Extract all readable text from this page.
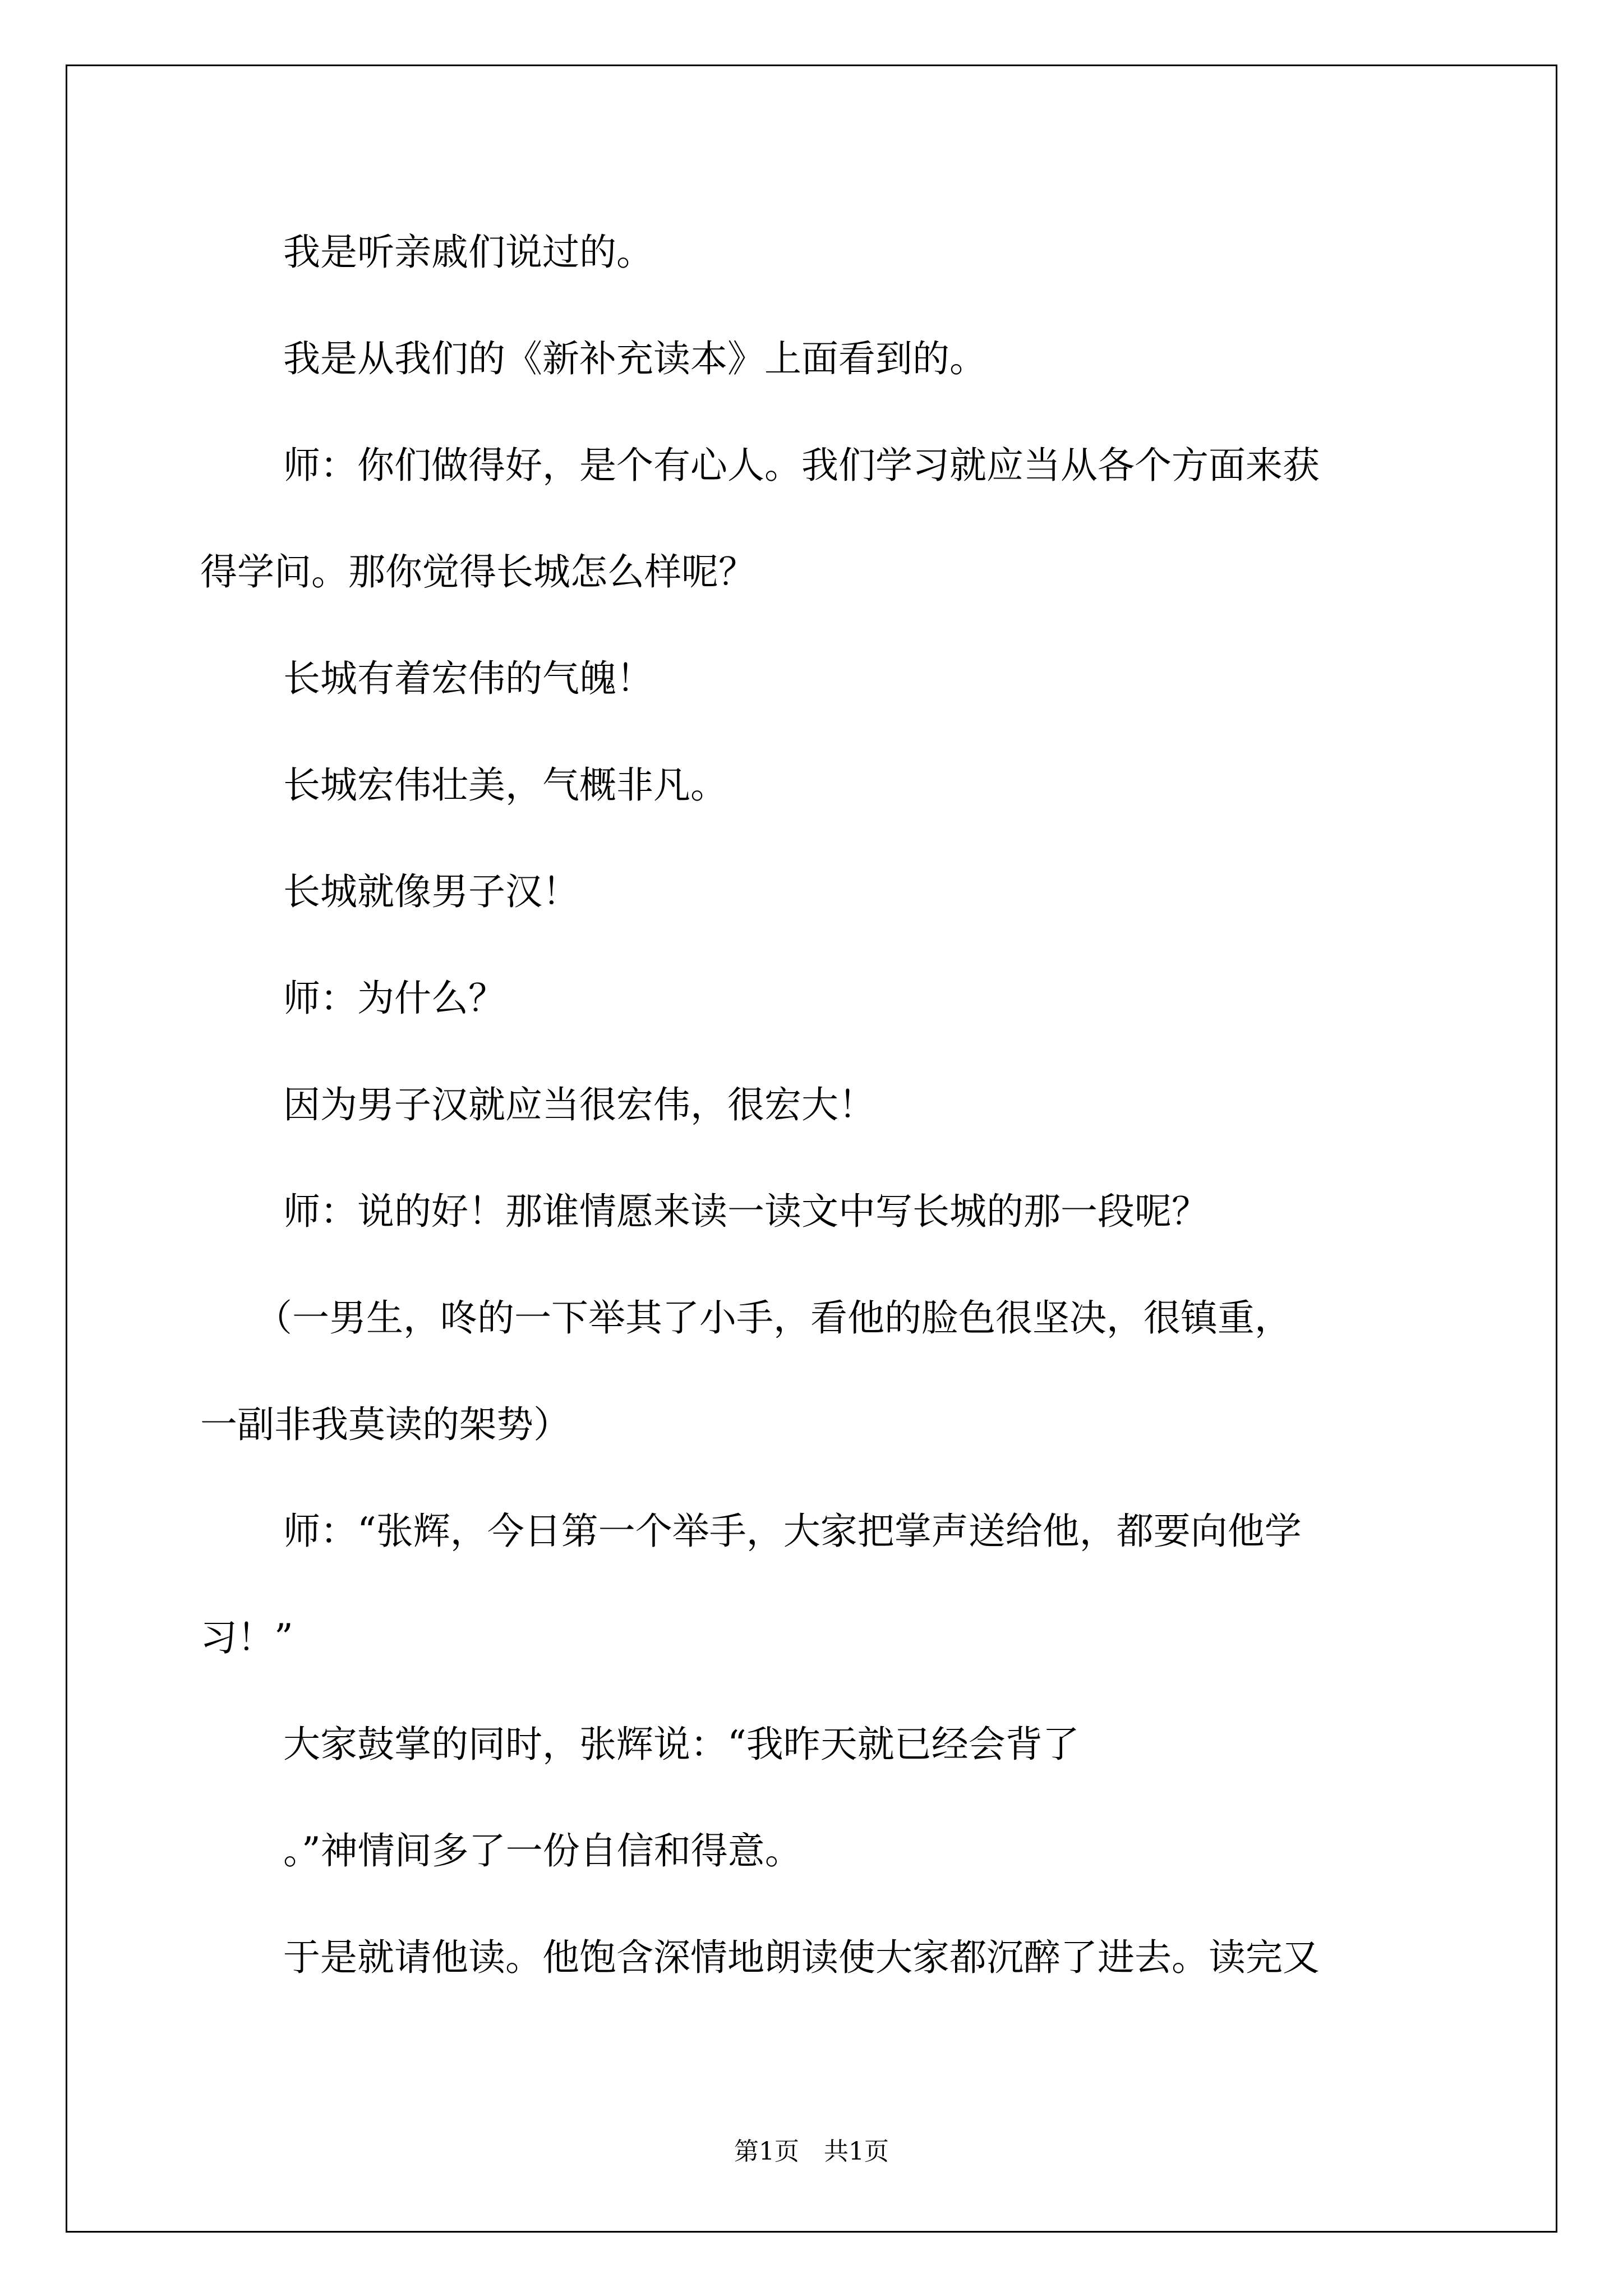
我是听亲戚们说过的。
我是从我们的《新补充读本》上面看到的。
师：你们做得好，是个有心人。我们学习就应当从各个方面来获
得学问。那你觉得长城怎么样呢？
长城有着宏伟的气魄！
长城宏伟壮美，气概非凡。
长城就像男子汉！
师：为什么？
因为男子汉就应当很宏伟，很宏大！
师：说的好！那谁情愿来读一读文中写长城的那一段呢？
（一男生，咚的一下举其了小手，看他的脸色很坚决，很镇重，
一副非我莫读的架势）
师：“张辉，今日第一个举手，大家把掌声送给他，都要向他学
习！”
大家鼓掌的同时，张辉说：“我昨天就已经会背了
。”神情间多了一份自信和得意。
于是就请他读。他饱含深情地朗读使大家都沉醉了进去。读完又
第1页　共1页
